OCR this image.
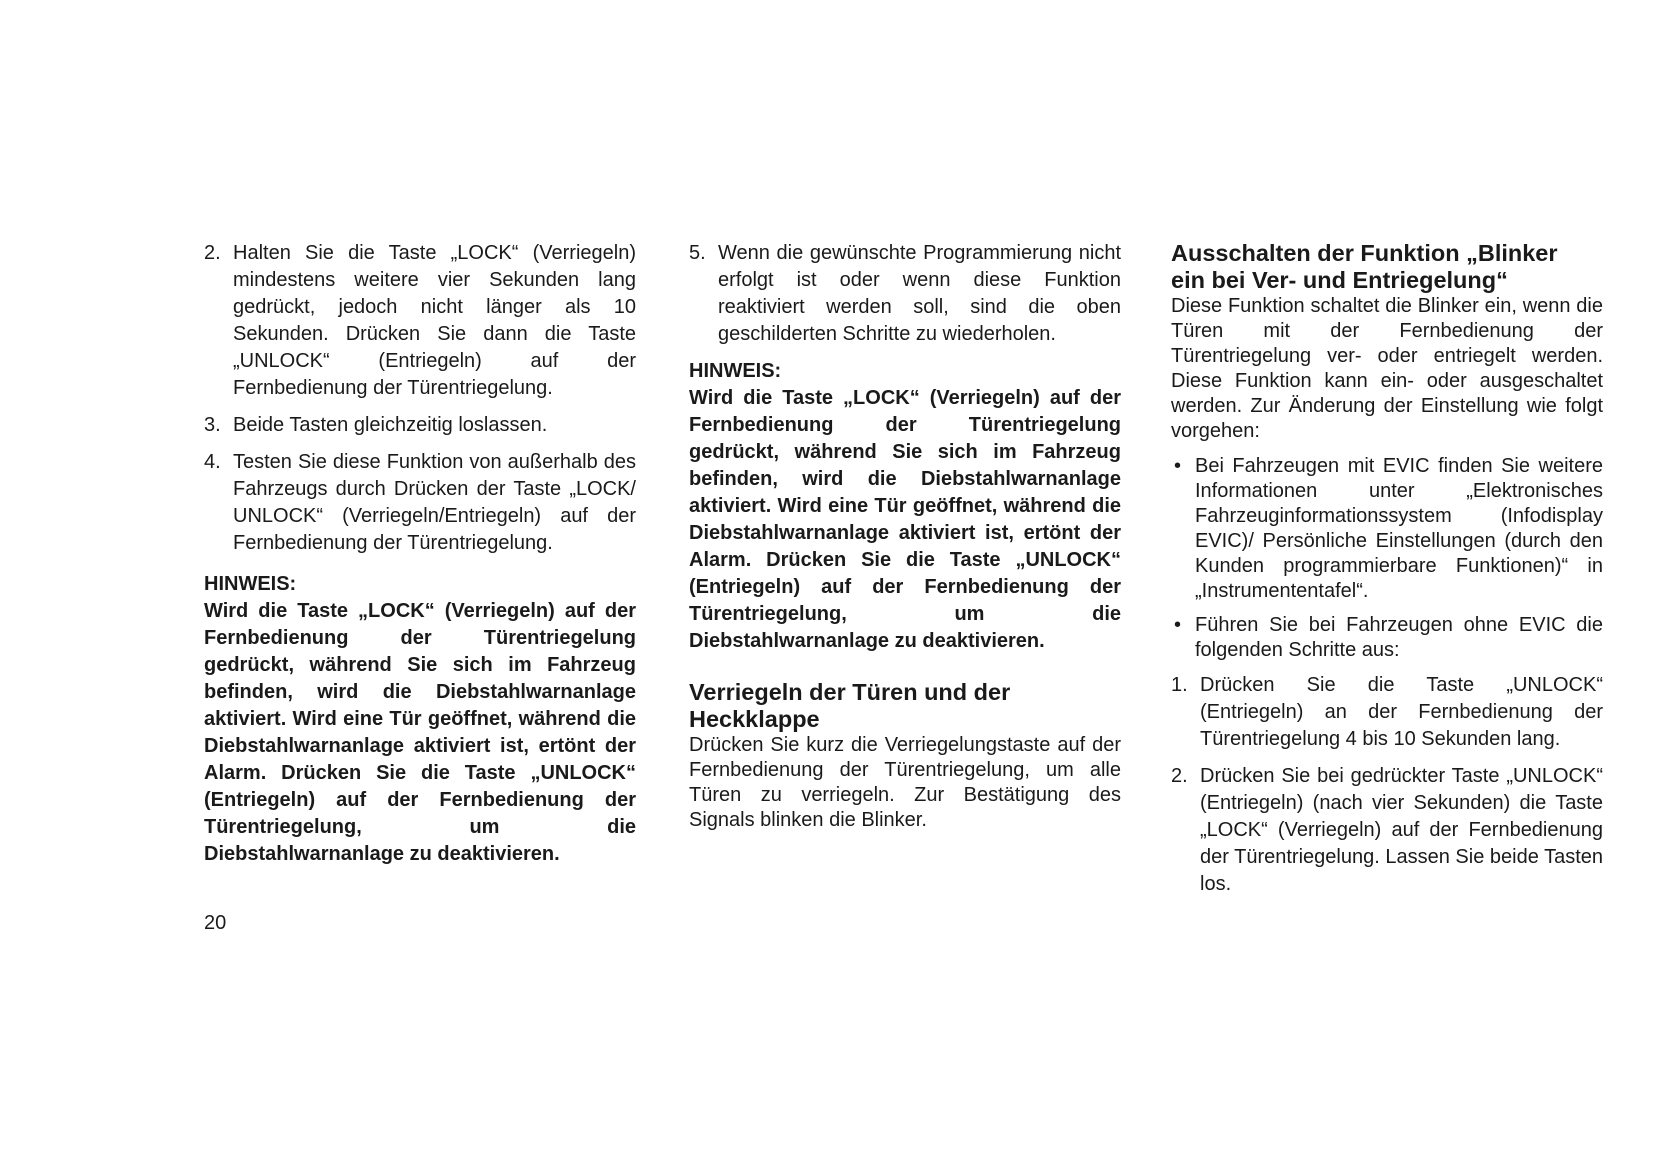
2. Halten Sie die Taste „LOCK“ (Verriegeln) mindestens weitere vier Sekunden lang gedrückt, jedoch nicht länger als 10 Sekunden. Drücken Sie dann die Taste „UNLOCK“ (Entriegeln) auf der Fernbedienung der Türentriegelung.
3. Beide Tasten gleichzeitig loslassen.
4. Testen Sie diese Funktion von außerhalb des Fahrzeugs durch Drücken der Taste „LOCK/ UNLOCK“ (Verriegeln/Entriegeln) auf der Fernbedienung der Türentriegelung.

HINWEIS:

Wird die Taste „LOCK“ (Verriegeln) auf der Fernbedienung der Türentriegelung gedrückt, während Sie sich im Fahrzeug befinden, wird die Diebstahlwarnanlage aktiviert. Wird eine Tür geöffnet, während die Diebstahlwarnanlage aktiviert ist, ertönt der Alarm. Drücken Sie die Taste „UNLOCK“ (Entriegeln) auf der Fernbedienung der Türentriegelung, um die Diebstahlwarnanlage zu deaktivieren.

5. Wenn die gewünschte Programmierung nicht erfolgt ist oder wenn diese Funktion reaktiviert werden soll, sind die oben geschilderten Schritte zu wiederholen.

HINWEIS:

Wird die Taste „LOCK“ (Verriegeln) auf der Fernbedienung der Türentriegelung gedrückt, während Sie sich im Fahrzeug befinden, wird die Diebstahlwarnanlage aktiviert. Wird eine Tür geöffnet, während die Diebstahlwarnanlage aktiviert ist, ertönt der Alarm. Drücken Sie die Taste „UNLOCK“ (Entriegeln) auf der Fernbedienung der Türentriegelung, um die Diebstahlwarnanlage zu deaktivieren.

Verriegeln der Türen und der

Heckklappe

Drücken Sie kurz die Verriegelungstaste auf der Fernbedienung der Türentriegelung, um alle Türen zu verriegeln. Zur Bestätigung des Signals blinken die Blinker.

Ausschalten der Funktion „Blinker

ein bei Ver- und Entriegelung“

Diese Funktion schaltet die Blinker ein, wenn die Türen mit der Fernbedienung der Türentriegelung ver- oder entriegelt werden. Diese Funktion kann ein- oder ausgeschaltet werden. Zur Änderung der Einstellung wie folgt vorgehen:

• Bei Fahrzeugen mit EVIC finden Sie weitere Informationen unter „Elektronisches Fahrzeuginformationssystem (Infodisplay EVIC)/ Persönliche Einstellungen (durch den Kunden programmierbare Funktionen)“ in „Instrumententafel“.
• Führen Sie bei Fahrzeugen ohne EVIC die folgenden Schritte aus:
1. Drücken Sie die Taste „UNLOCK“ (Entriegeln) an der Fernbedienung der Türentriegelung 4 bis 10 Sekunden lang.
2. Drücken Sie bei gedrückter Taste „UNLOCK“ (Entriegeln) (nach vier Sekunden) die Taste „LOCK“ (Verriegeln) auf der Fernbedienung der Türentriegelung. Lassen Sie beide Tasten los.
20
